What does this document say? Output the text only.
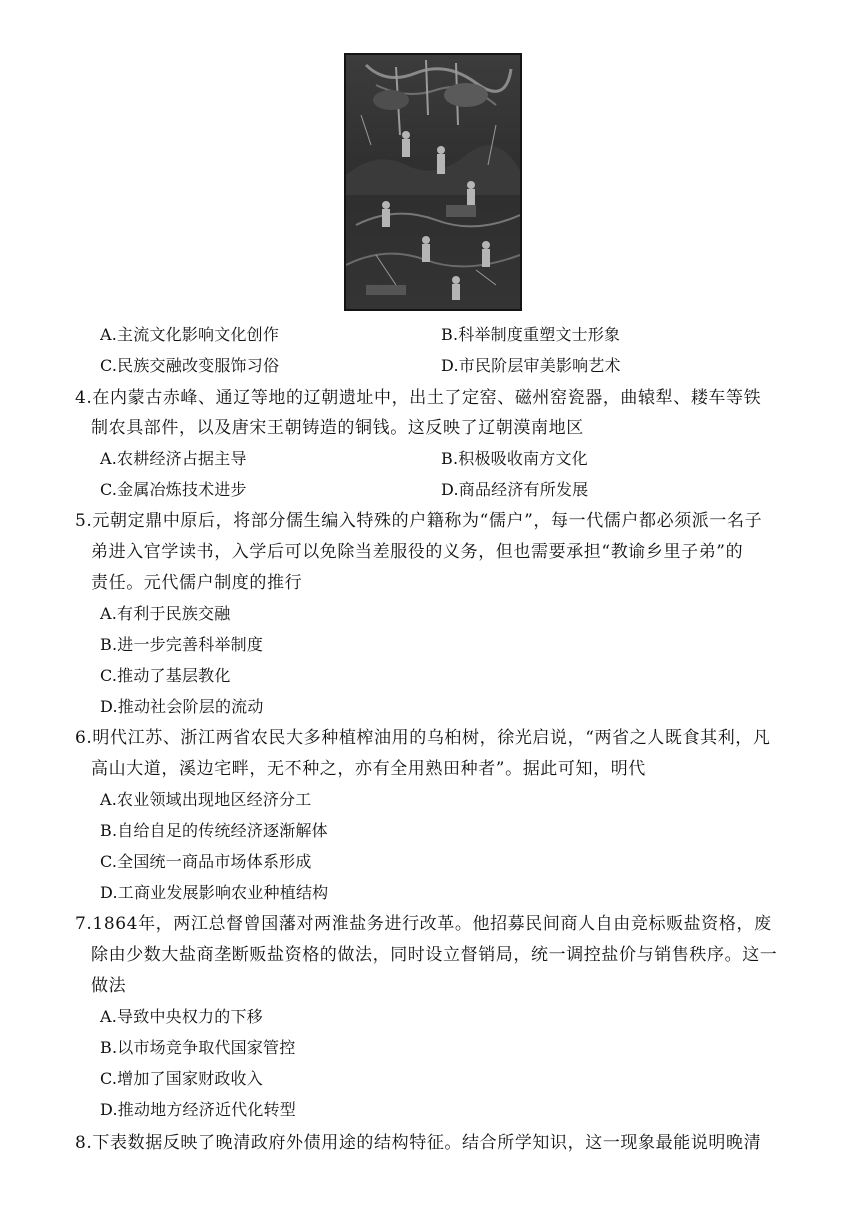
A.主流文化影响文化创作	B.科举制度重塑文士形象
C.民族交融改变服饰习俗	D.市民阶层审美影响艺术
4.在内蒙古赤峰、通辽等地的辽朝遗址中，出土了定窑、磁州窑瓷器，曲辕犁、耧车等铁
制农具部件，以及唐宋王朝铸造的铜钱。这反映了辽朝漠南地区
A.农耕经济占据主导	B.积极吸收南方文化
C.金属冶炼技术进步	D.商品经济有所发展
5.元朝定鼎中原后，将部分儒生编入特殊的户籍称为“儒户”，每一代儒户都必须派一名子
弟进入官学读书，入学后可以免除当差服役的义务，但也需要承担“教谕乡里子弟”的
责任。元代儒户制度的推行
A.有利于民族交融
B.进一步完善科举制度
C.推动了基层教化
D.推动社会阶层的流动
6.明代江苏、浙江两省农民大多种植榨油用的乌桕树，徐光启说，“两省之人既食其利，凡
高山大道，溪边宅畔，无不种之，亦有全用熟田种者”。据此可知，明代
A.农业领域出现地区经济分工
B.自给自足的传统经济逐渐解体
C.全国统一商品市场体系形成
D.工商业发展影响农业种植结构
7.1864年，两江总督曾国藩对两淮盐务进行改革。他招募民间商人自由竞标贩盐资格，废
除由少数大盐商垄断贩盐资格的做法，同时设立督销局，统一调控盐价与销售秩序。这一
做法
A.导致中央权力的下移
B.以市场竞争取代国家管控
C.增加了国家财政收入
D.推动地方经济近代化转型
8.下表数据反映了晚清政府外债用途的结构特征。结合所学知识，这一现象最能说明晚清
